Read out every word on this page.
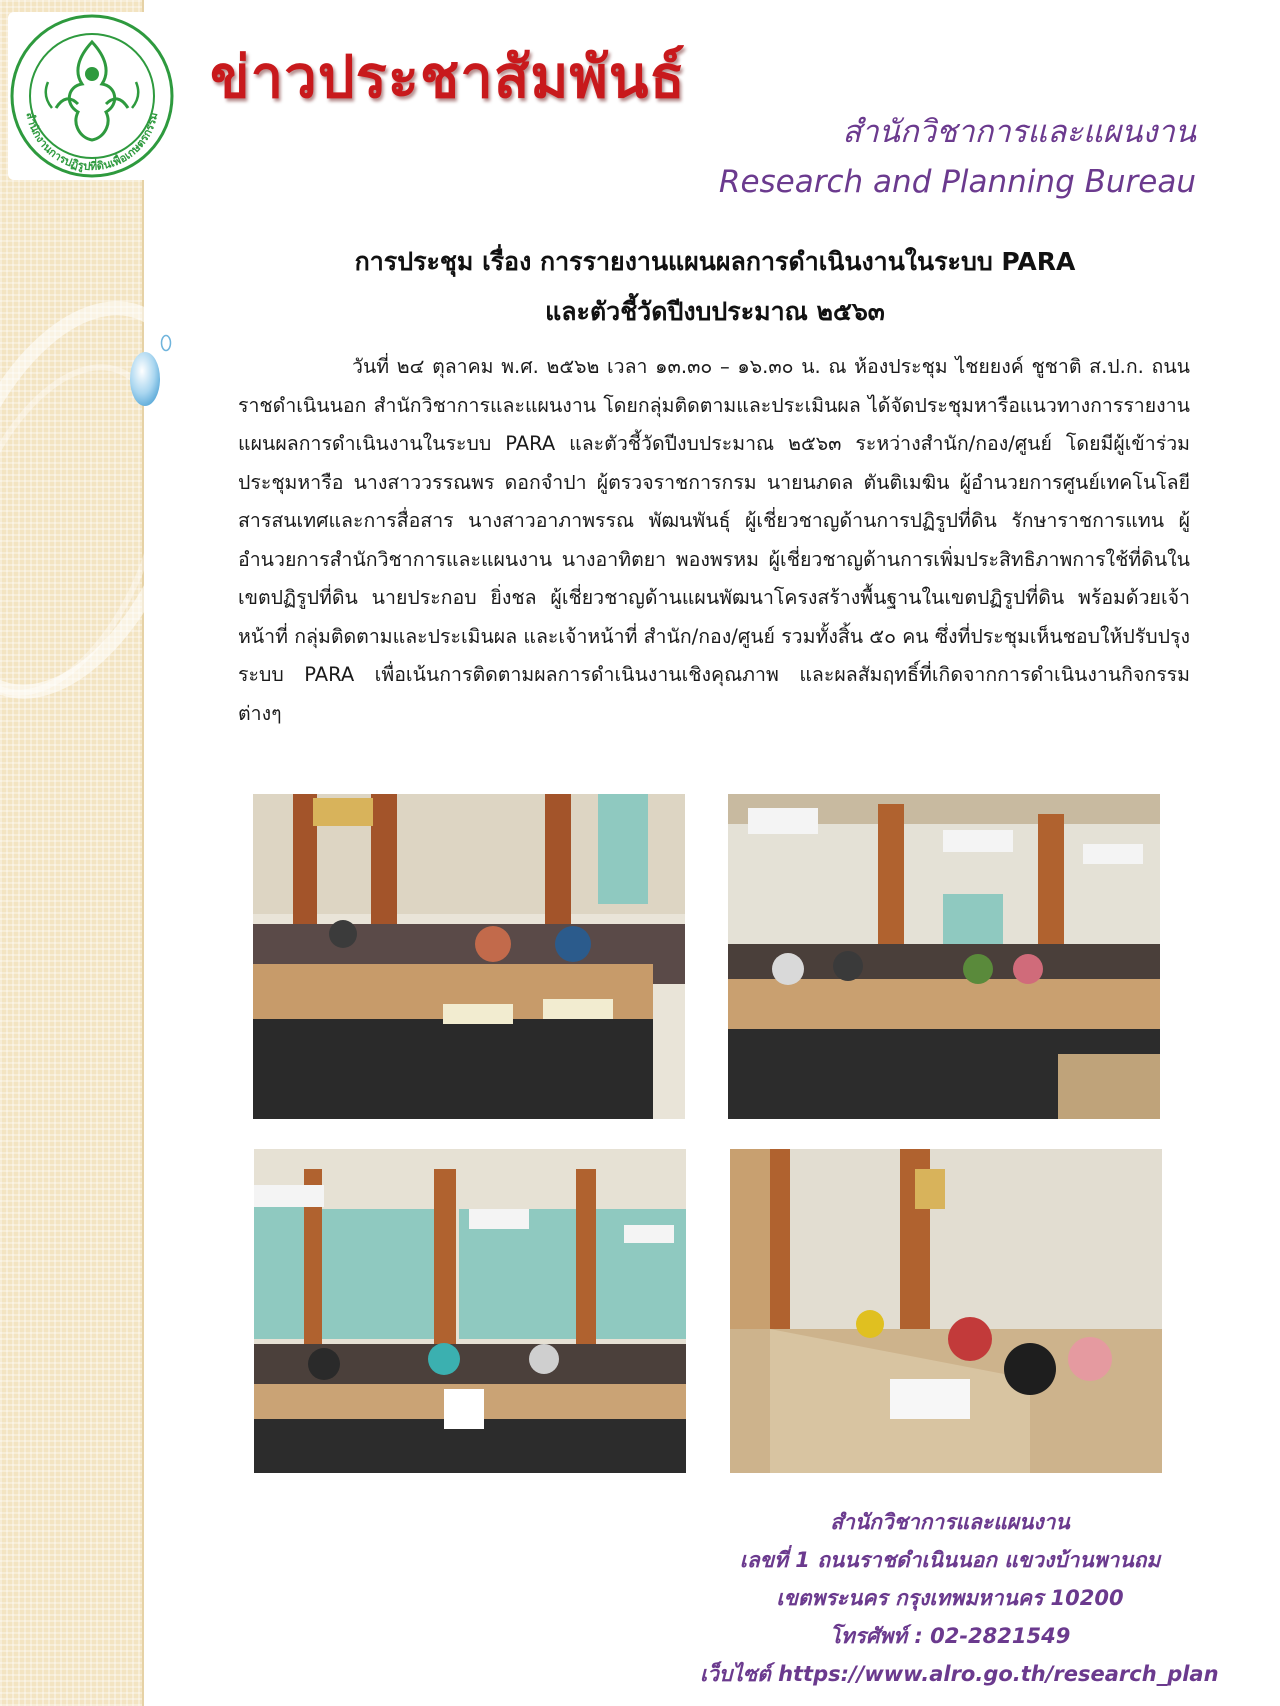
สำนักงานการปฏิรูปที่ดินเพื่อเกษตรกรรม
ข่าวประชาสัมพันธ์
สำนักวิชาการและแผนงาน
Research and Planning Bureau
การประชุม เรื่อง การรายงานแผนผลการดำเนินงานในระบบ PARA
และตัวชี้วัดปีงบประมาณ ๒๕๖๓
วันที่ ๒๔ ตุลาคม พ.ศ. ๒๕๖๒ เวลา ๑๓.๓๐ – ๑๖.๓๐ น. ณ ห้องประชุม ไชยยงค์ ชูชาติ ส.ป.ก. ถนนราชดำเนินนอก สำนักวิชาการและแผนงาน โดยกลุ่มติดตามและประเมินผล ได้จัดประชุมหารือแนวทางการรายงานแผนผลการดำเนินงานในระบบ PARA และตัวชี้วัดปีงบประมาณ ๒๕๖๓ ระหว่างสำนัก/กอง/ศูนย์ โดยมีผู้เข้าร่วมประชุมหารือ นางสาววรรณพร ดอกจำปา ผู้ตรวจราชการกรม นายนภดล ตันติเมฆิน ผู้อำนวยการศูนย์เทคโนโลยีสารสนเทศและการสื่อสาร นางสาวอาภาพรรณ พัฒนพันธุ์ ผู้เชี่ยวชาญด้านการปฏิรูปที่ดิน รักษาราชการแทน ผู้อำนวยการสำนักวิชาการและแผนงาน นางอาทิตยา พองพรหม ผู้เชี่ยวชาญด้านการเพิ่มประสิทธิภาพการใช้ที่ดินในเขตปฏิรูปที่ดิน นายประกอบ ยิ่งชล ผู้เชี่ยวชาญด้านแผนพัฒนาโครงสร้างพื้นฐานในเขตปฏิรูปที่ดิน พร้อมด้วยเจ้าหน้าที่ กลุ่มติดตามและประเมินผล และเจ้าหน้าที่ สำนัก/กอง/ศูนย์ รวมทั้งสิ้น ๕๐ คน ซึ่งที่ประชุมเห็นชอบให้ปรับปรุงระบบ PARA เพื่อเน้นการติดตามผลการดำเนินงานเชิงคุณภาพ และผลสัมฤทธิ์ที่เกิดจากการดำเนินงานกิจกรรมต่างๆ
สำนักวิชาการและแผนงาน
เลขที่ 1 ถนนราชดำเนินนอก แขวงบ้านพานถม
เขตพระนคร กรุงเทพมหานคร 10200
โทรศัพท์ : 02-2821549
เว็บไซต์ https://www.alro.go.th/research_plan
